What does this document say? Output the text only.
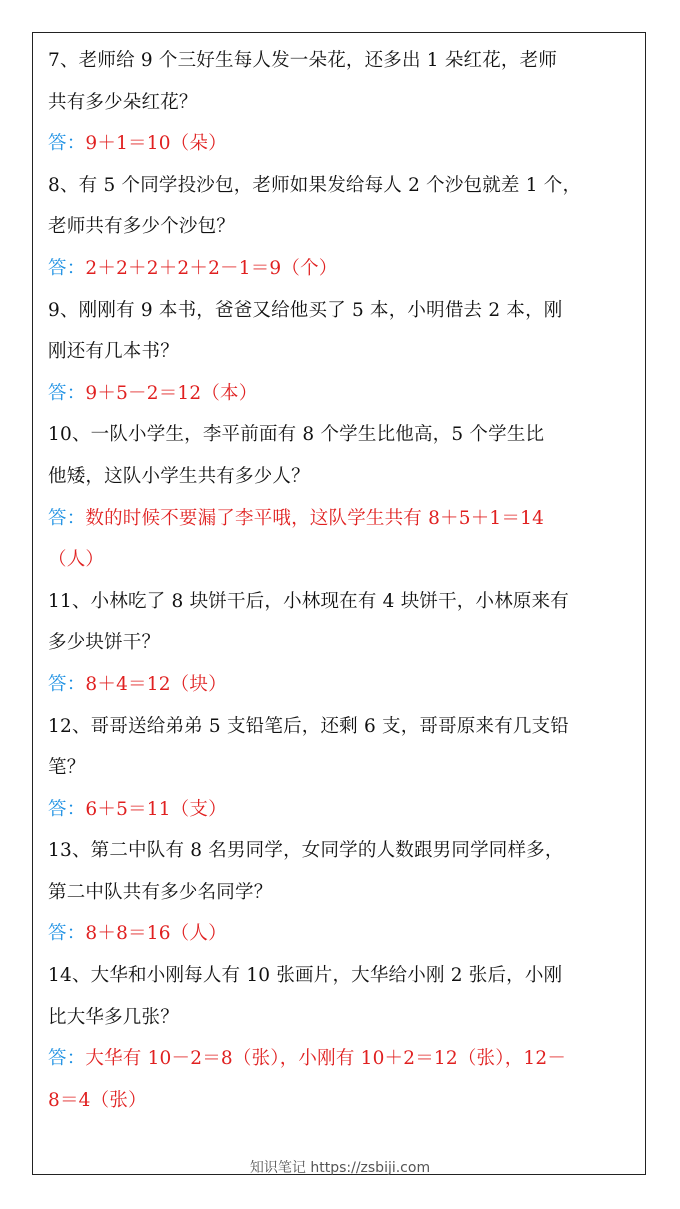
7、老师给 9 个三好生每人发一朵花，还多出 1 朵红花，老师
共有多少朵红花？
答：9＋1＝10（朵）
8、有 5 个同学投沙包，老师如果发给每人 2 个沙包就差 1 个，
老师共有多少个沙包？
答：2＋2＋2＋2＋2－1＝9（个）
9、刚刚有 9 本书，爸爸又给他买了 5 本，小明借去 2 本，刚
刚还有几本书？
答：9＋5－2＝12（本）
10、一队小学生，李平前面有 8 个学生比他高，5 个学生比
他矮，这队小学生共有多少人？
答：数的时候不要漏了李平哦，这队学生共有 8＋5＋1＝14
（人）
11、小林吃了 8 块饼干后，小林现在有 4 块饼干，小林原来有
多少块饼干？
答：8＋4＝12（块）
12、哥哥送给弟弟 5 支铅笔后，还剩 6 支，哥哥原来有几支铅
笔？
答：6＋5＝11（支）
13、第二中队有 8 名男同学，女同学的人数跟男同学同样多，
第二中队共有多少名同学？
答：8＋8＝16（人）
14、大华和小刚每人有 10 张画片，大华给小刚 2 张后，小刚
比大华多几张？
答：大华有 10－2＝8（张），小刚有 10＋2＝12（张），12－
8＝4（张）
知识笔记 https://zsbiji.com
